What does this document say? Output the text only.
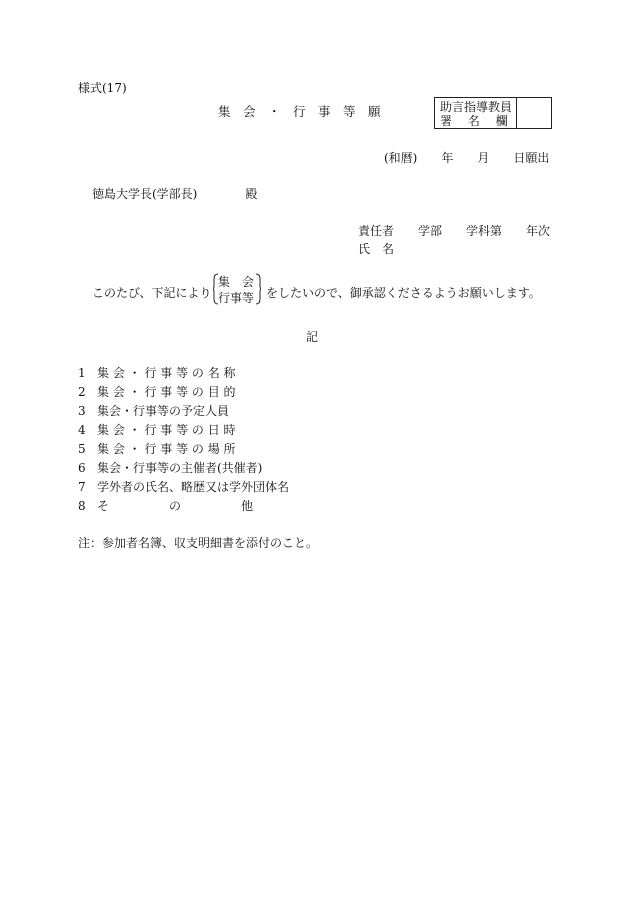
様式(17)
集　会　・　行　事　等　願	助言指導教員
署　 名　 欄
(和暦)　　年　　月　　日願出
徳島大学長(学部長)　　　　殿
責任者　　学部　　学科第　　年次
氏　名
このたび、下記により
集　会
行事等 をしたいので、御承認くださるようお願いします。
記
1 集 会 ・ 行 事 等 の 名 称
2 集 会 ・ 行 事 等 の 目 的
3 集会・行事等の予定人員
4 集 会 ・ 行 事 等 の 日 時
5 集 会 ・ 行 事 等 の 場 所
6 集会・行事等の主催者(共催者)
7 学外者の氏名、略歴又は学外団体名
8 そ　　　　　の　　　　　他
注：参加者名簿、収支明細書を添付のこと。
